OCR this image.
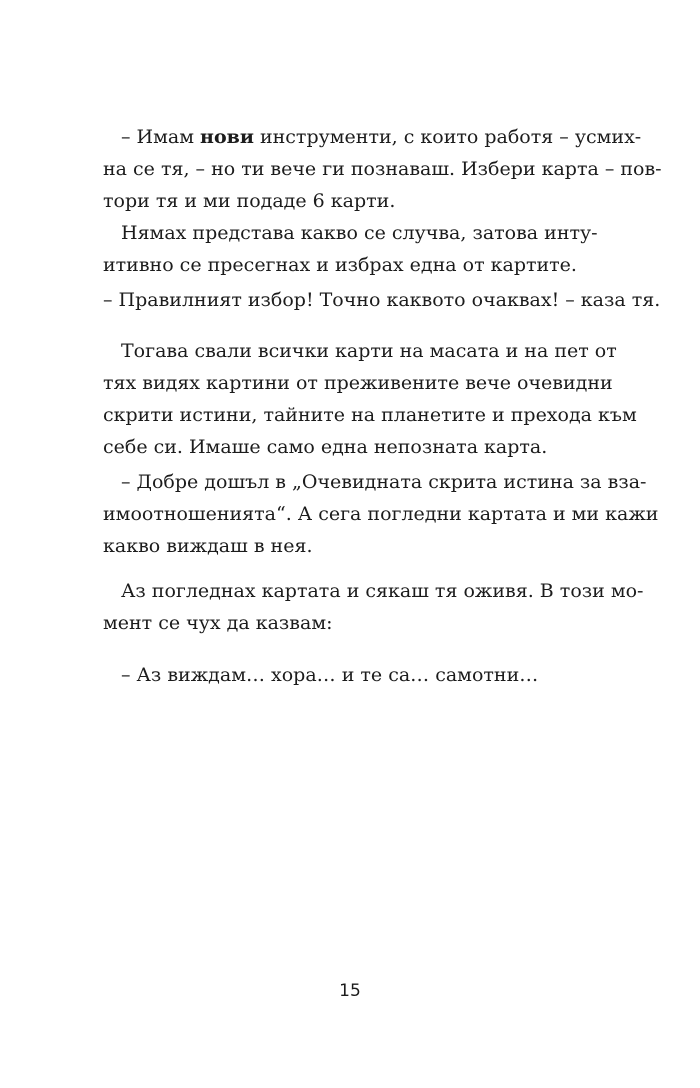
– Имам нови инструменти, с които работя – усмих-
на се тя, – но ти вече ги познаваш. Избери карта – пов-
тори тя и ми подаде 6 карти.
Нямах представа какво се случва, затова инту-
итивно се пресегнах и избрах една от картите.
– Правилният избор! Точно каквото очаквах! – каза тя.
Тогава свали всички карти на масата и на пет от
тях видях картини от преживените вече очевидни
скрити истини, тайните на планетите и прехода към
себе си. Имаше само една непозната карта.
– Добре дошъл в „Очевидната скрита истина за вза-
имоотношенията“. А сега погледни картата и ми кажи
какво виждаш в нея.
Аз погледнах картата и сякаш тя оживя. В този мо-
мент се чух да казвам:
– Аз виждам… хора… и те са… самотни…
15
